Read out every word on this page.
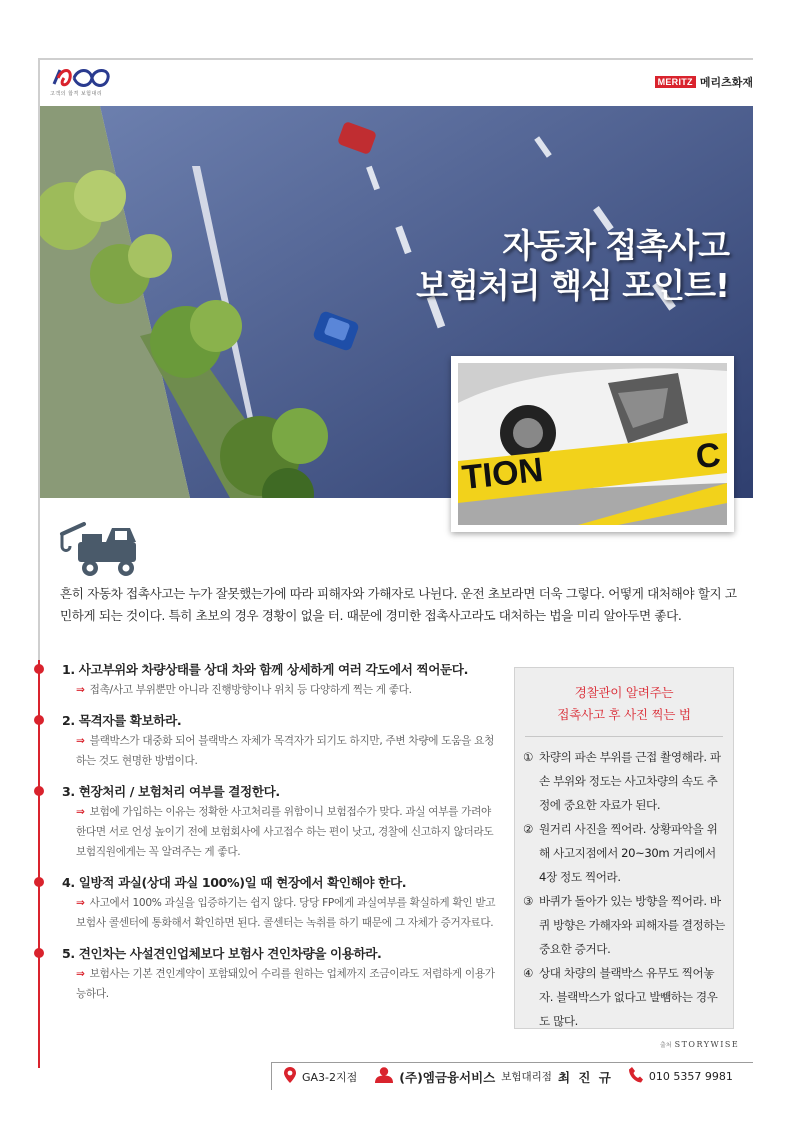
고객의 합격 보험대리
MERITZ 메리츠화재
자동차 접촉사고
보험처리 핵심 포인트!
TION	C
흔히 자동차 접촉사고는 누가 잘못했는가에 따라 피해자와 가해자로 나뉜다. 운전 초보라면 더욱 그렇다. 어떻게 대처해야 할지 고민하게 되는 것이다. 특히 초보의 경우 경황이 없을 터. 때문에 경미한 접촉사고라도 대처하는 법을 미리 알아두면 좋다.
1. 사고부위와 차량상태를 상대 차와 함께 상세하게 여러 각도에서 찍어둔다.
⇒ 접촉/사고 부위뿐만 아니라 진행방향이나 위치 등 다양하게 찍는 게 좋다.
2. 목격자를 확보하라.
⇒ 블랙박스가 대중화 되어 블랙박스 자체가 목격자가 되기도 하지만, 주변 차량에 도움을 요청하는 것도 현명한 방법이다.
3. 현장처리 / 보험처리 여부를 결정한다.
⇒ 보험에 가입하는 이유는 정확한 사고처리를 위함이니 보험접수가 맞다. 과실 여부를 가려야 한다면 서로 언성 높이기 전에 보험회사에 사고접수 하는 편이 낫고, 경찰에 신고하지 않더라도 보험직원에게는 꼭 알려주는 게 좋다.
4. 일방적 과실(상대 과실 100%)일 때 현장에서 확인해야 한다.
⇒ 사고에서 100% 과실을 입증하기는 쉽지 않다. 당당 FP에게 과실여부를 확실하게 확인 받고 보험사 콜센터에 통화해서 확인하면 된다. 콜센터는 녹취를 하기 때문에 그 자체가 증거자료다.
5. 견인차는 사설견인업체보다 보험사 견인차량을 이용하라.
⇒ 보험사는 기본 견인계약이 포함돼있어 수리를 원하는 업체까지 조금이라도 저렴하게 이용가능하다.
경찰관이 알려주는
접촉사고 후 사진 찍는 법
① 차량의 파손 부위를 근접 촬영해라. 파손 부위와 정도는 사고차량의 속도 추정에 중요한 자료가 된다.
② 원거리 사진을 찍어라. 상황파악을 위해 사고지점에서 20~30m 거리에서 4장 정도 찍어라.
③ 바퀴가 돌아가 있는 방향을 찍어라. 바퀴 방향은 가해자와 피해자를 결정하는 중요한 증거다.
④ 상대 차량의 블랙박스 유무도 찍어놓자. 블랙박스가 없다고 발뺌하는 경우도 많다.
출처 STORYWISE
GA3-2지점	(주)엠금융서비스 보험대리점 최 진 규	010 5357 9981
